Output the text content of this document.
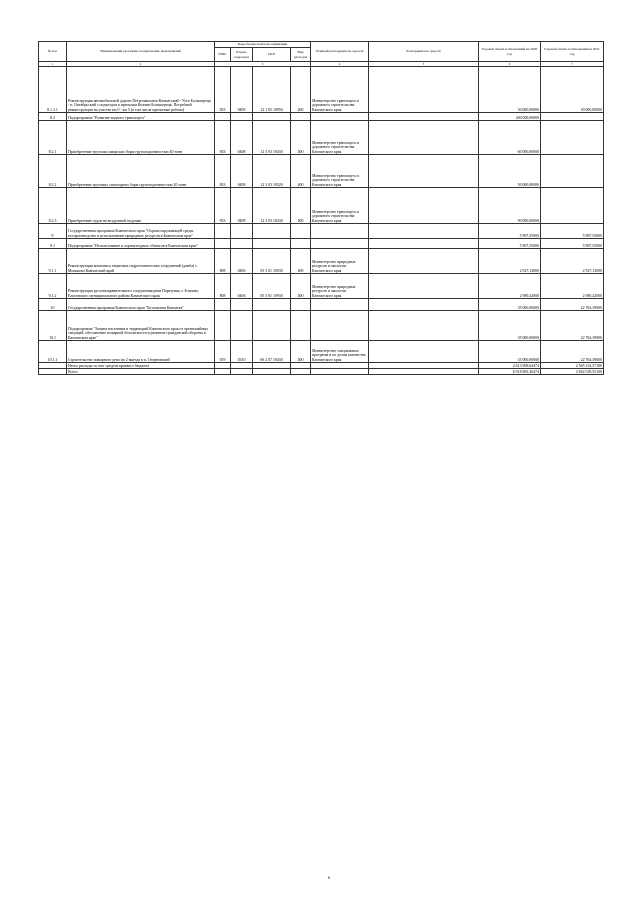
№ п/п	Наименования программ, подпрограмм, мероприятий	Коды бюджетной классификации				Главный распорядитель средств	Распорядитель средств	Годовой объем ассигнований на 2020 год	Годовой объем ассигнований на 2021 год
		ГРБС	Раздел, подраздел	ЦСР	Вид расходов				
1	2	3				4	5	6	7
8.1.1.1	Реконструкция автомобильной дороги Петропавловск-Камчатский - Усть-Большерецк - п. Октябрьский с подъездом к причалам Кихчик-Большерецк. Погребной реконструкции на участке км 0 - км 5 (в том числе проектные работы)	833	0409	12 1 05 10950	400	Министерство транспорта и дорожного строительства Камчатского края		30 000,00000	30 000,00000
8.2	Подпрограмма "Развитие водного транспорта"							200 000,00000	
8.2.1	Приобретение грузопассажирских барж грузоподъемностью 40 тонн	833	0408	12 3 03 10430	400	Министерство транспорта и дорожного строительства Камчатского края		60 000,00000	
8.2.2	Приобретение грузовых самоходных барж грузоподъемностью 20 тонн	833	0408	12 3 03 10520	400	Министерство транспорта и дорожного строительства Камчатского края		50 000,00000	
8.2.3	Приобретение судов на воздушной подушке	833	0408	12 3 03 10430	400	Министерство транспорта и дорожного строительства Камчатского края		90 000,00000	
9	Государственная программа Камчатского края "Охрана окружающей среды, воспроизводство и использование природных ресурсов в Камчатском крае"							5 907,55000	5 987,55000
9.1	Подпрограмма "Использование и охрана водных объектов в Камчатском крае"							5 907,55000	5 987,55000
9.1.1	Реконструкция комплекса защитных гидротехнических сооружений (дамба) с. Мильково Камчатский край	808	0406	05 3 01 10930	400	Министерство природных ресурсов и экологии Камчатского края		2 927,13000	2 927,13000
9.1.2	Реконструкция русловыправительного сооружения реки Паратунка, г. Елизово, Елизовского муниципального района Камчатского края	808	0406	05 3 01 10930	400	Министерство природных ресурсов и экологии Камчатского края		2 980,42000	2 980,42000
10	Государственная программа Камчатского края "Безопасная Камчатка"							35 000,00000	22 764,39000
10.1	Подпрограмма "Защита населения и территорий Камчатского края от чрезвычайных ситуаций, обеспечение пожарной безопасности и развитие гражданской обороны в Камчатском крае"							35 000,00000	22 764,39000
10.1.1	Строительство пожарного депо на 2 выезда в п. Озерновский	019	0310	06 2 07 10430	400	Министерство специальных программ и по делам казачества Камчатского края		35 000,00000	22 764,39000
	Итого расходы за счет средств краевого бюджета							2 613 909,64474	2 565 133,37100
	Всего							6 918 881,46474	2 844 539,55100
6
